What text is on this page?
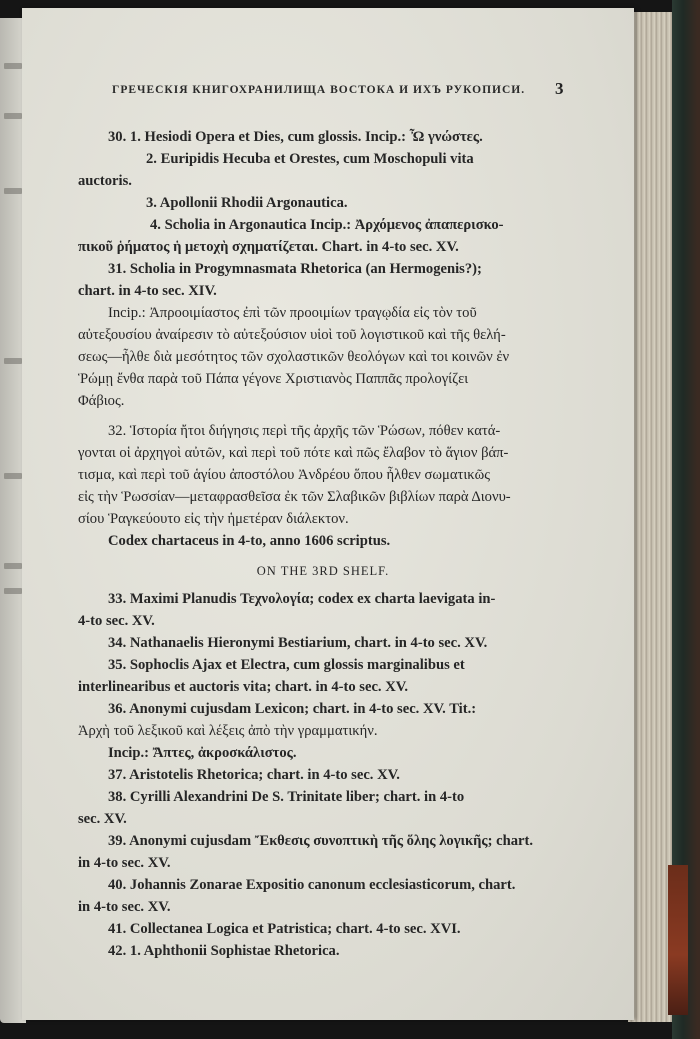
ГРЕЧЕСКІЯ КНИГОХРАНИЛИЩА ВОСТОКА И ИХЪ РУКОПИСИ. 3
30. 1. Hesiodi Opera et Dies, cum glossis. Incip.: Ὦ γνώστες.
2. Euripidis Hecuba et Orestes, cum Moschopuli vita
auctoris.
3. Apollonii Rhodii Argonautica.
4. Scholia in Argonautica Incip.: Ἀρχόμενος ἀπαπερισκο-
πικοῦ ῥήματος ἡ μετοχὴ σχηματίζεται. Chart. in 4-to sec. XV.
31. Scholia in Progymnasmata Rhetorica (an Hermogenis?);
chart. in 4-to sec. XIV.
Incip.: Ἀπροοιμίαστος ἐπὶ τῶν προοιμίων τραγῳδία εἰς τὸν τοῦ
αὐτεξουσίου ἀναίρεσιν τὸ αὐτεξούσιον υἱοὶ τοῦ λογιστικοῦ καὶ τῆς θελή-
σεως—ἦλθε διὰ μεσότητος τῶν σχολαστικῶν θεολόγων καὶ τοι κοινῶν ἐν
Ῥώμῃ ἔνθα παρὰ τοῦ Πάπα γέγονε Χριστιανὸς Παππᾶς προλογίζει
Φάβιος.
32. Ἱστορία ἤτοι διήγησις περὶ τῆς ἀρχῆς τῶν Ῥώσων, πόθεν κατά-
γονται οἱ ἀρχηγοὶ αὐτῶν, καὶ περὶ τοῦ πότε καὶ πῶς ἔλαβον τὸ ἅγιον βάπ-
τισμα, καὶ περὶ τοῦ ἁγίου ἀποστόλου Ἀνδρέου ὅπου ἦλθεν σωματικῶς
εἰς τὴν Ῥωσσίαν—μεταφρασθεῖσα ἐκ τῶν Σλαβικῶν βιβλίων παρὰ Διονυ-
σίου Ῥαγκεύουτο εἰς τὴν ἡμετέραν διάλεκτον.
Codex chartaceus in 4-to, anno 1606 scriptus.
ON THE 3RD SHELF.
33. Maximi Planudis Τεχνολογία; codex ex charta laevigata in-
4-to sec. XV.
34. Nathanaelis Hieronymi Bestiarium, chart. in 4-to sec. XV.
35. Sophoclis Ajax et Electra, cum glossis marginalibus et
interlinearibus et auctoris vita; chart. in 4-to sec. XV.
36. Anonymi cujusdam Lexicon; chart. in 4-to sec. XV. Tit.:
Ἀρχὴ τοῦ λεξικοῦ καὶ λέξεις ἀπὸ τὴν γραμματικήν.
Incip.: Ἄπτες, ἀκροσκάλιστος.
37. Aristotelis Rhetorica; chart. in 4-to sec. XV.
38. Cyrilli Alexandrini De S. Trinitate liber; chart. in 4-to
sec. XV.
39. Anonymi cujusdam Ἔκθεσις συνοπτικὴ τῆς ὅλης λογικῆς; chart.
in 4-to sec. XV.
40. Johannis Zonarae Expositio canonum ecclesiasticorum, chart.
in 4-to sec. XV.
41. Collectanea Logica et Patristica; chart. 4-to sec. XVI.
42. 1. Aphthonii Sophistae Rhetorica.
